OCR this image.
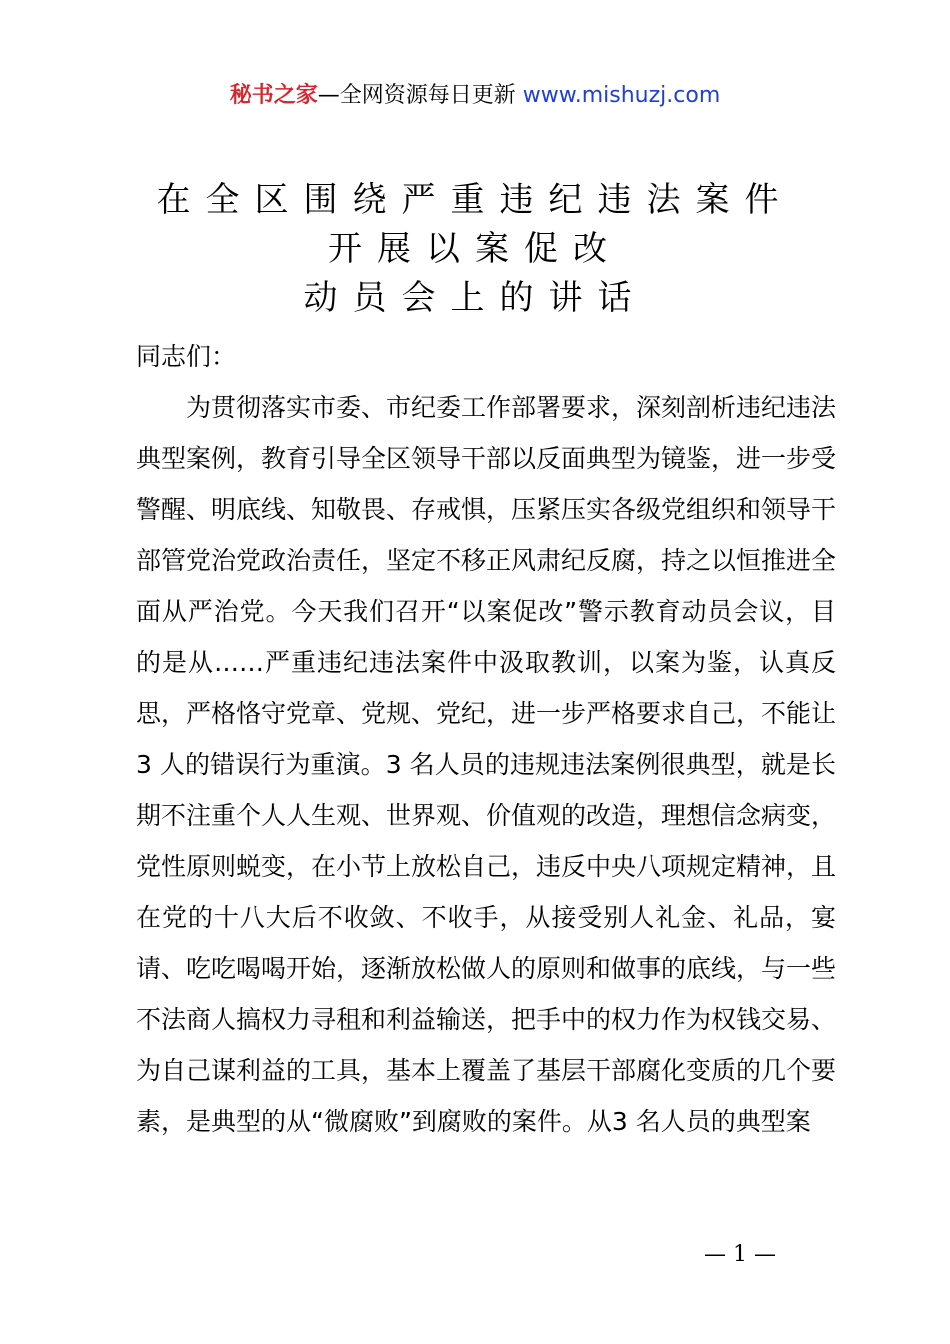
秘书之家—全网资源每日更新 www.mishuzj.com
在全区围绕严重违纪违法案件
开展以案促改
动员会上的讲话

同志们：

为贯彻落实市委、市纪委工作部署要求，深刻剖析违纪违法典型案例，教育引导全区领导干部以反面典型为镜鉴，进一步受警醒、明底线、知敬畏、存戒惧，压紧压实各级党组织和领导干部管党治党政治责任，坚定不移正风肃纪反腐，持之以恒推进全面从严治党。今天我们召开“以案促改”警示教育动员会议，目的是从……严重违纪违法案件中汲取教训，以案为鉴，认真反思，严格恪守党章、党规、党纪，进一步严格要求自己，不能让3 人的错误行为重演。3 名人员的违规违法案例很典型，就是长期不注重个人人生观、世界观、价值观的改造，理想信念病变，党性原则蜕变，在小节上放松自己，违反中央八项规定精神，且在党的十八大后不收敛、不收手，从接受别人礼金、礼品，宴请、吃吃喝喝开始，逐渐放松做人的原则和做事的底线，与一些不法商人搞权力寻租和利益输送，把手中的权力作为权钱交易、为自己谋利益的工具，基本上覆盖了基层干部腐化变质的几个要素，是典型的从“微腐败”到腐败的案件。从3 名人员的典型案

— 1 —
